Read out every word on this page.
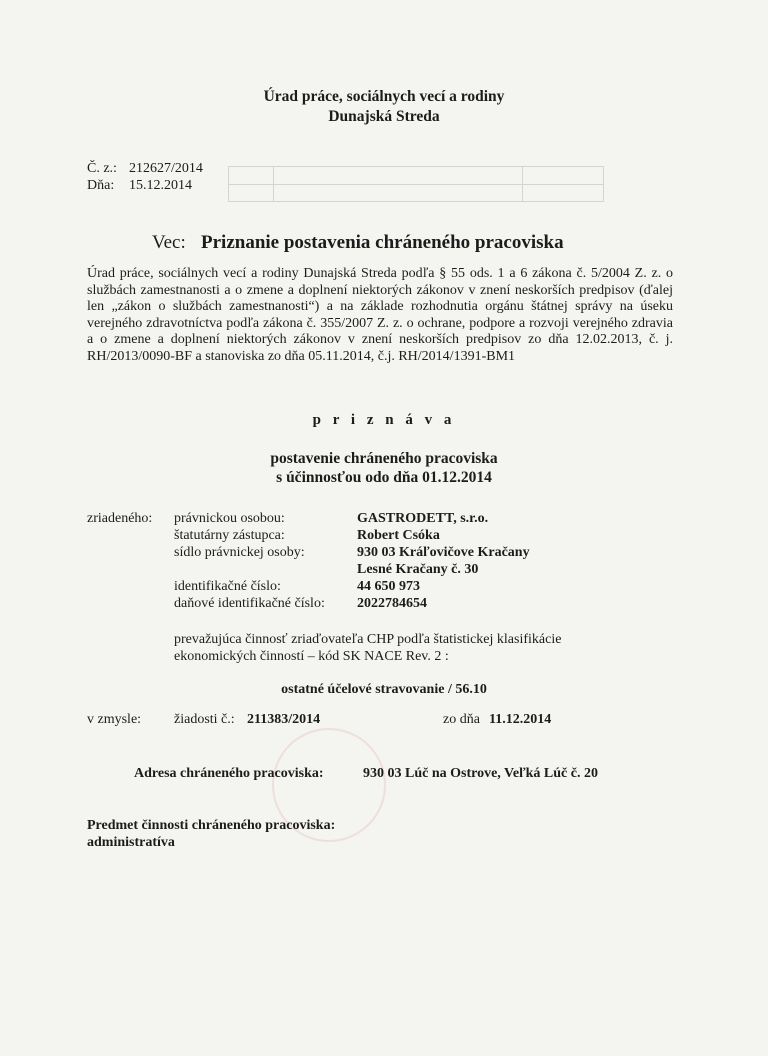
Úrad práce, sociálnych vecí a rodiny
Dunajská Streda
Č. z.: 212627/2014
Dňa: 15.12.2014
Vec: Priznanie postavenia chráneného pracoviska
Úrad práce, sociálnych vecí a rodiny Dunajská Streda podľa § 55 ods. 1 a 6 zákona č. 5/2004 Z. z. o službách zamestnanosti a o zmene a doplnení niektorých zákonov v znení neskorších predpisov (ďalej len „zákon o službách zamestnanosti“) a na základe rozhodnutia orgánu štátnej správy na úseku verejného zdravotníctva podľa zákona č. 355/2007 Z. z. o ochrane, podpore a rozvoji verejného zdravia a o zmene a doplnení niektorých zákonov v znení neskorších predpisov zo dňa 12.02.2013, č. j. RH/2013/0090-BF a stanoviska zo dňa 05.11.2014, č.j. RH/2014/1391-BM1
p r i z n á v a
postavenie chráneného pracoviska
s účinnosťou odo dňa 01.12.2014
zriadeného: právnickou osobou:	GASTRODETT, s.r.o.
štatutárny zástupca:	Robert Csóka
sídlo právnickej osoby:	930 03 Kráľovičove Kračany
Lesné Kračany č. 30
identifikačné číslo:	44 650 973
daňové identifikačné číslo: 2022784654
prevažujúca činnosť zriaďovateľa CHP podľa štatistickej klasifikácie
ekonomických činností – kód SK NACE Rev. 2 :
ostatné účelové stravovanie / 56.10
v zmysle: žiadosti č.: 211383/2014	zo dňa 11.12.2014
Adresa chráneného pracoviska:	930 03 Lúč na Ostrove, Veľká Lúč č. 20
Predmet činnosti chráneného pracoviska:
administratíva
